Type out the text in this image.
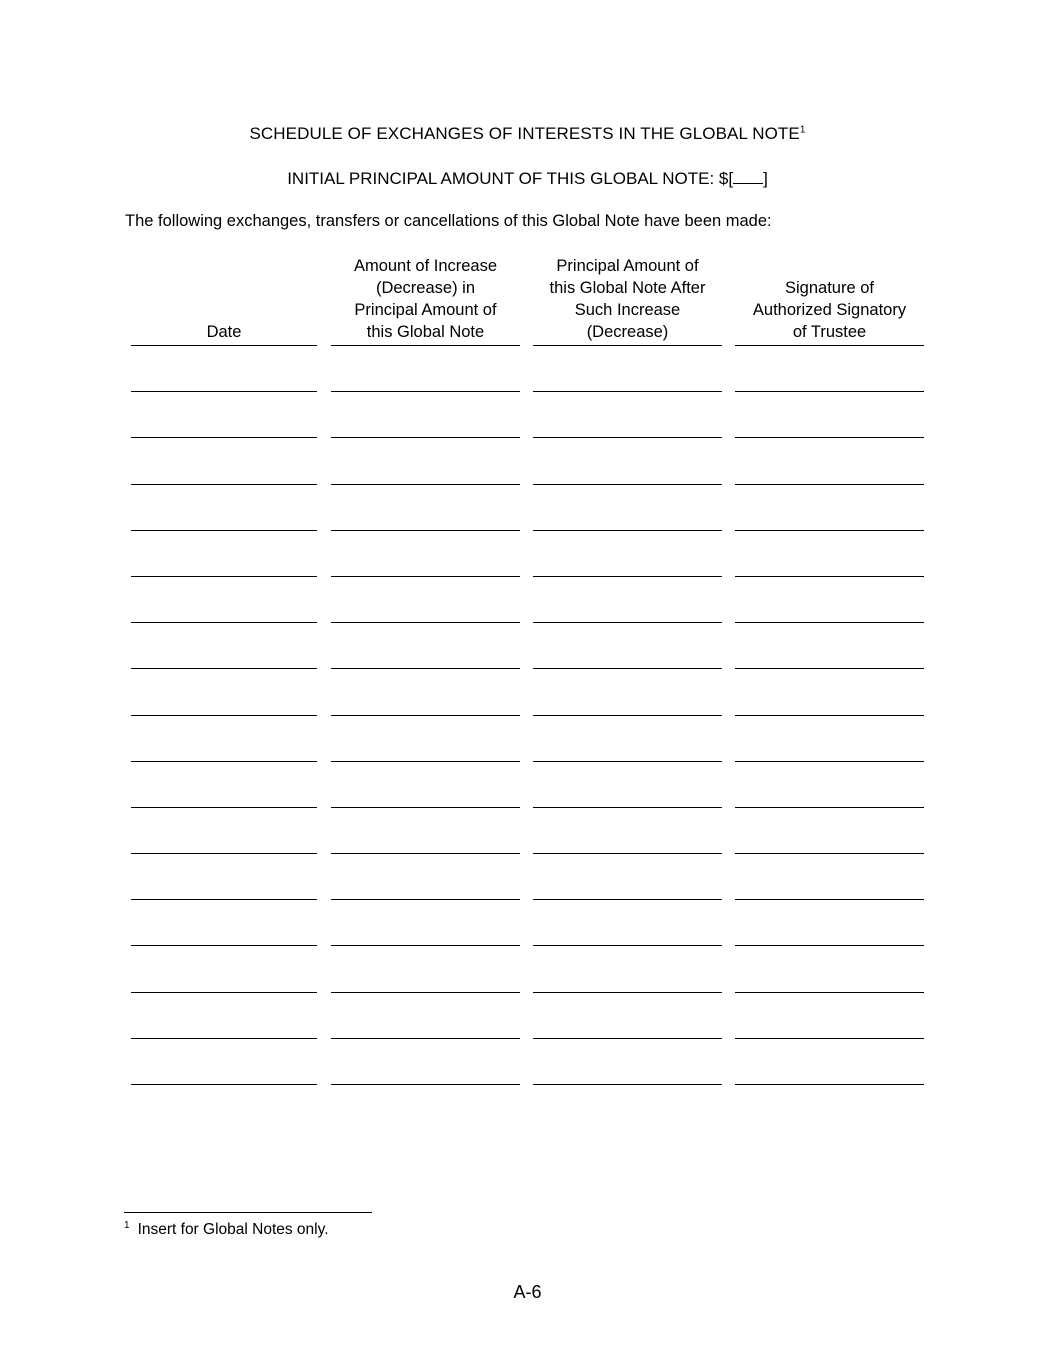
SCHEDULE OF EXCHANGES OF INTERESTS IN THE GLOBAL NOTE$^1$
INITIAL PRINCIPAL AMOUNT OF THIS GLOBAL NOTE: $[ ]
The following exchanges, transfers or cancellations of this Global Note have been made:
Date
Amount of Increase
(Decrease) in
Principal Amount of
this Global Note
Principal Amount of
this Global Note After
Such Increase
(Decrease)
Signature of
Authorized Signatory
of Trustee
$^1$ Insert for Global Notes only.
A-6
